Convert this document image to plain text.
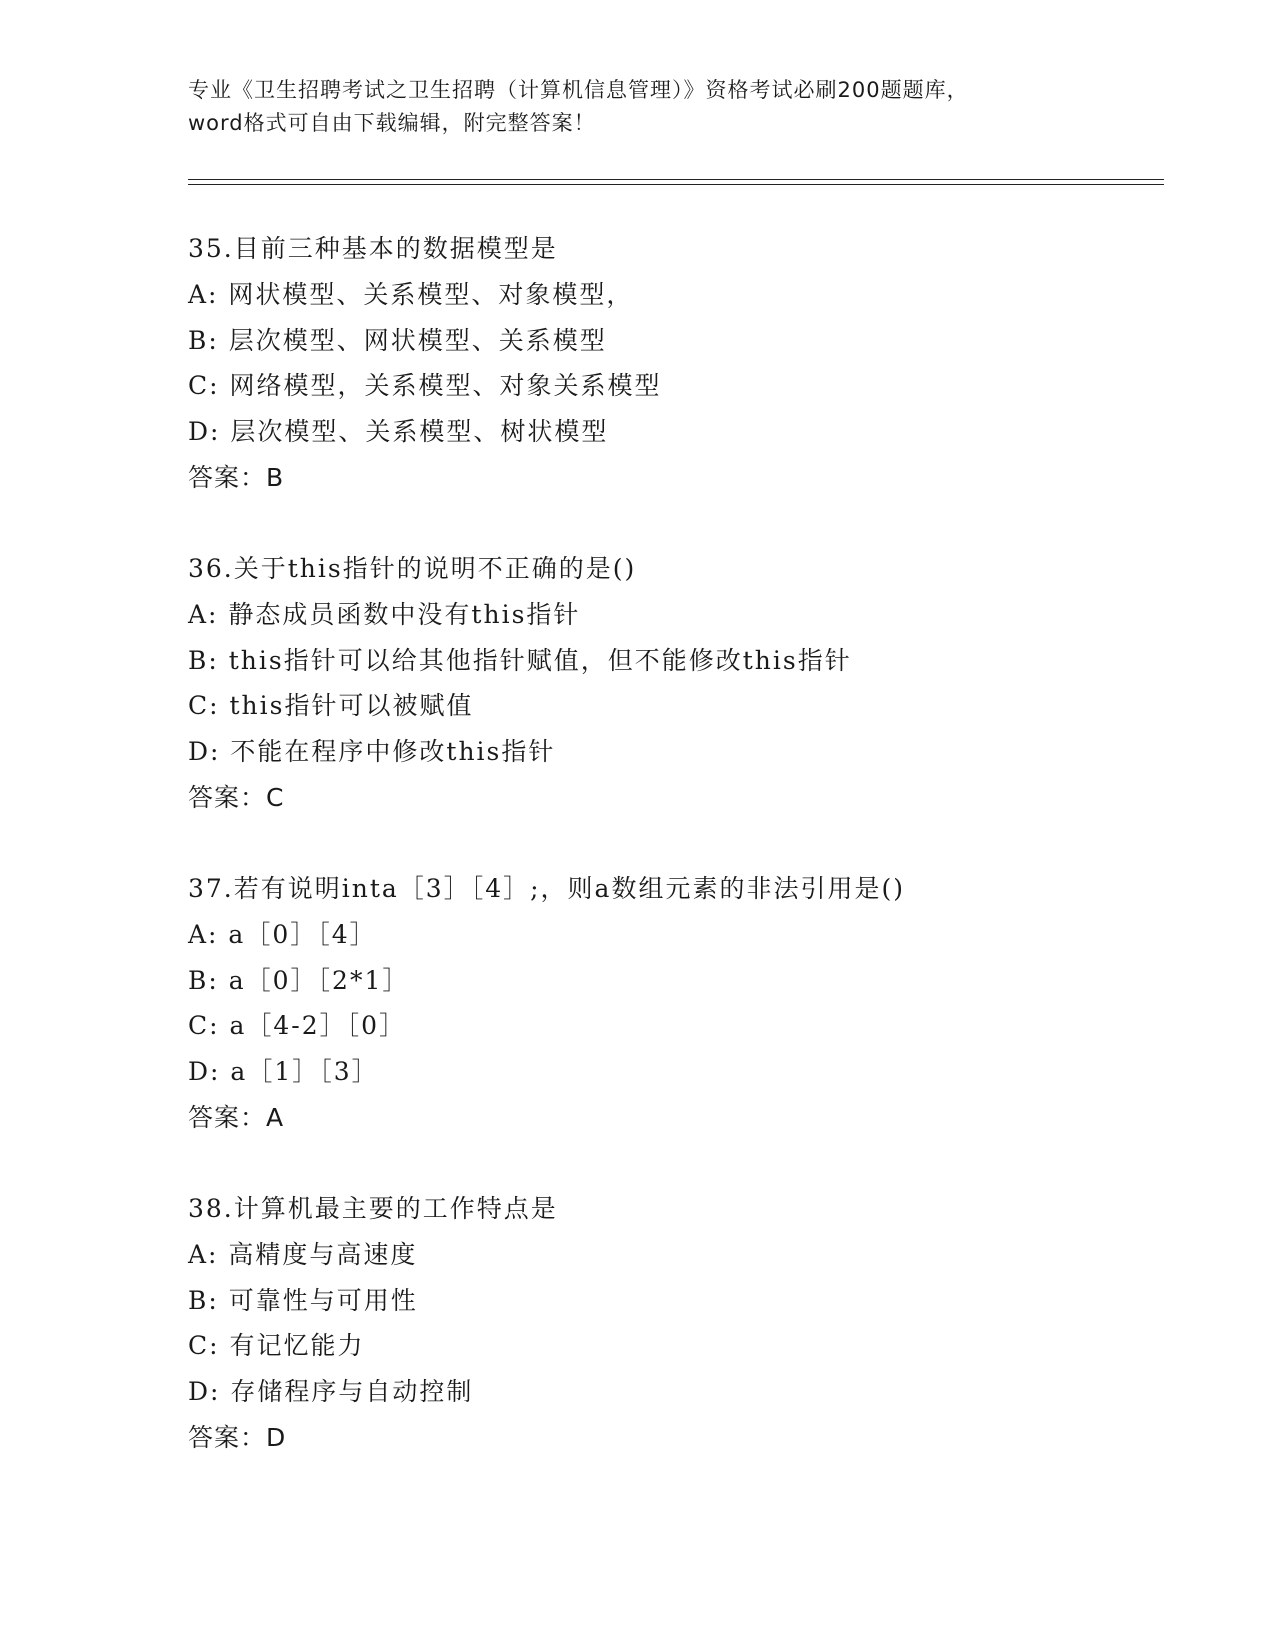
专业《卫生招聘考试之卫生招聘（计算机信息管理）》资格考试必刷200题题库，
word格式可自由下载编辑，附完整答案！
35.目前三种基本的数据模型是
A: 网状模型、关系模型、对象模型，
B: 层次模型、网状模型、关系模型
C: 网络模型，关系模型、对象关系模型
D: 层次模型、关系模型、树状模型
答案：B
36.关于this指针的说明不正确的是()
A: 静态成员函数中没有this指针
B: this指针可以给其他指针赋值，但不能修改this指针
C: this指针可以被赋值
D: 不能在程序中修改this指针
答案：C
37.若有说明inta［3］［4］;，则a数组元素的非法引用是()
A: a［0］［4］
B: a［0］［2*1］
C: a［4-2］［0］
D: a［1］［3］
答案：A
38.计算机最主要的工作特点是
A: 高精度与高速度
B: 可靠性与可用性
C: 有记忆能力
D: 存储程序与自动控制
答案：D
